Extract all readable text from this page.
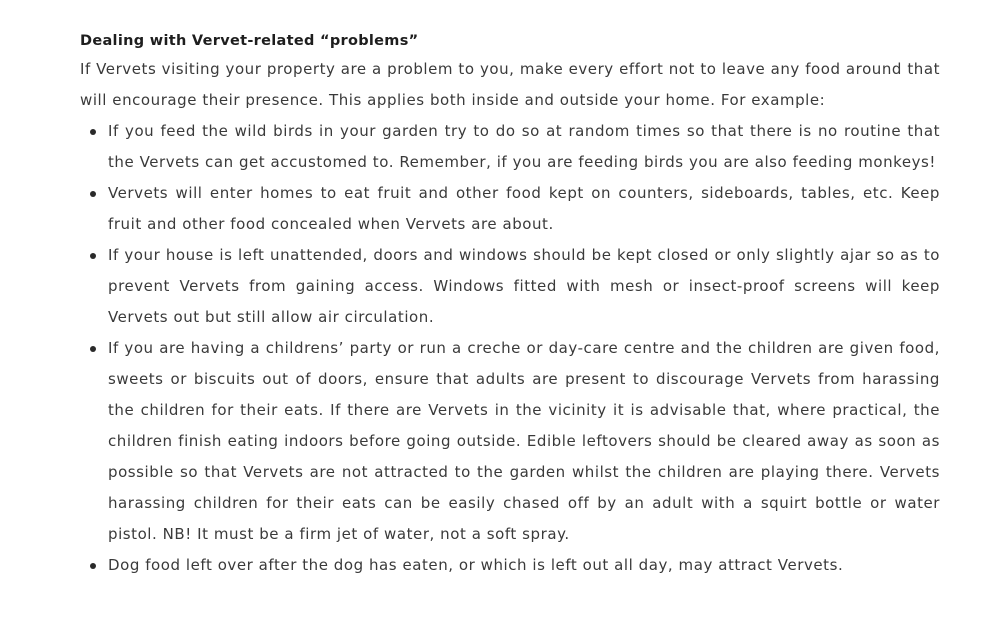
Dealing with Vervet-related “problems”

If Vervets visiting your property are a problem to you, make every effort not to leave any food around that will encourage their presence. This applies both inside and outside your home. For example:

If you feed the wild birds in your garden try to do so at random times so that there is no routine that the Vervets can get accustomed to. Remember, if you are feeding birds you are also feeding monkeys!
Vervets will enter homes to eat fruit and other food kept on counters, sideboards, tables, etc. Keep fruit and other food concealed when Vervets are about.
If your house is left unattended, doors and windows should be kept closed or only slightly ajar so as to prevent Vervets from gaining access. Windows fitted with mesh or insect-proof screens will keep Vervets out but still allow air circulation.
If you are having a childrens’ party or run a creche or day-care centre and the children are given food, sweets or biscuits out of doors, ensure that adults are present to discourage Vervets from harassing the children for their eats. If there are Vervets in the vicinity it is advisable that, where practical, the children finish eating indoors before going outside. Edible leftovers should be cleared away as soon as possible so that Vervets are not attracted to the garden whilst the children are playing there. Vervets harassing children for their eats can be easily chased off by an adult with a squirt bottle or water pistol. NB! It must be a firm jet of water, not a soft spray.
Dog food left over after the dog has eaten, or which is left out all day, may attract Vervets.
